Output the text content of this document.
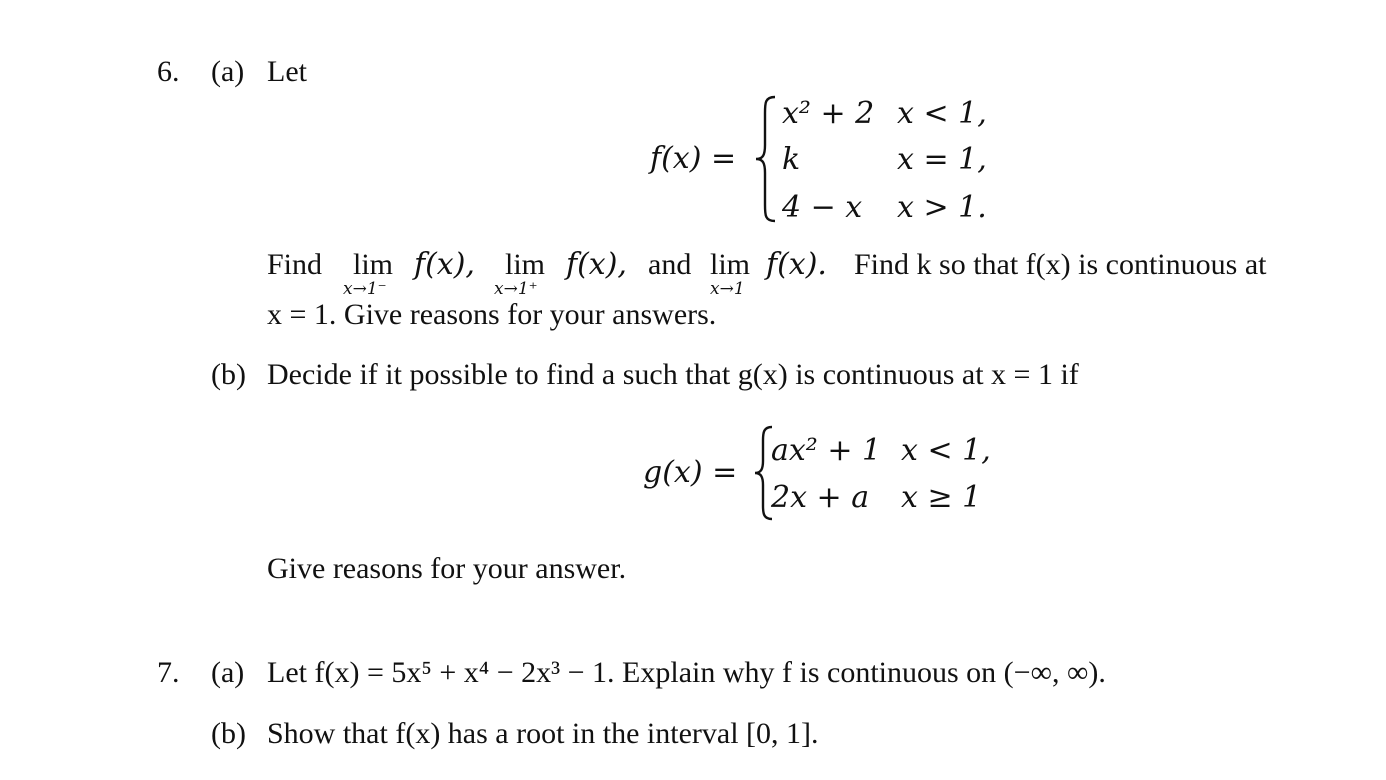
6. (a) Let
f(x) =
x² + 2 x < 1,
k	x = 1,
4 − x x > 1.
Find lim
x→1⁻
f(x), lim
x→1⁺
f(x), and lim
x→1
f(x). Find k so that f(x) is continuous at
x = 1. Give reasons for your answers.
(b) Decide if it possible to find a such that g(x) is continuous at x = 1 if
g(x) =
ax² + 1 x < 1,
2x + a x ≥ 1
Give reasons for your answer.
7. (a) Let f(x) = 5x⁵ + x⁴ − 2x³ − 1. Explain why f is continuous on (−∞, ∞).
(b) Show that f(x) has a root in the interval [0, 1].
